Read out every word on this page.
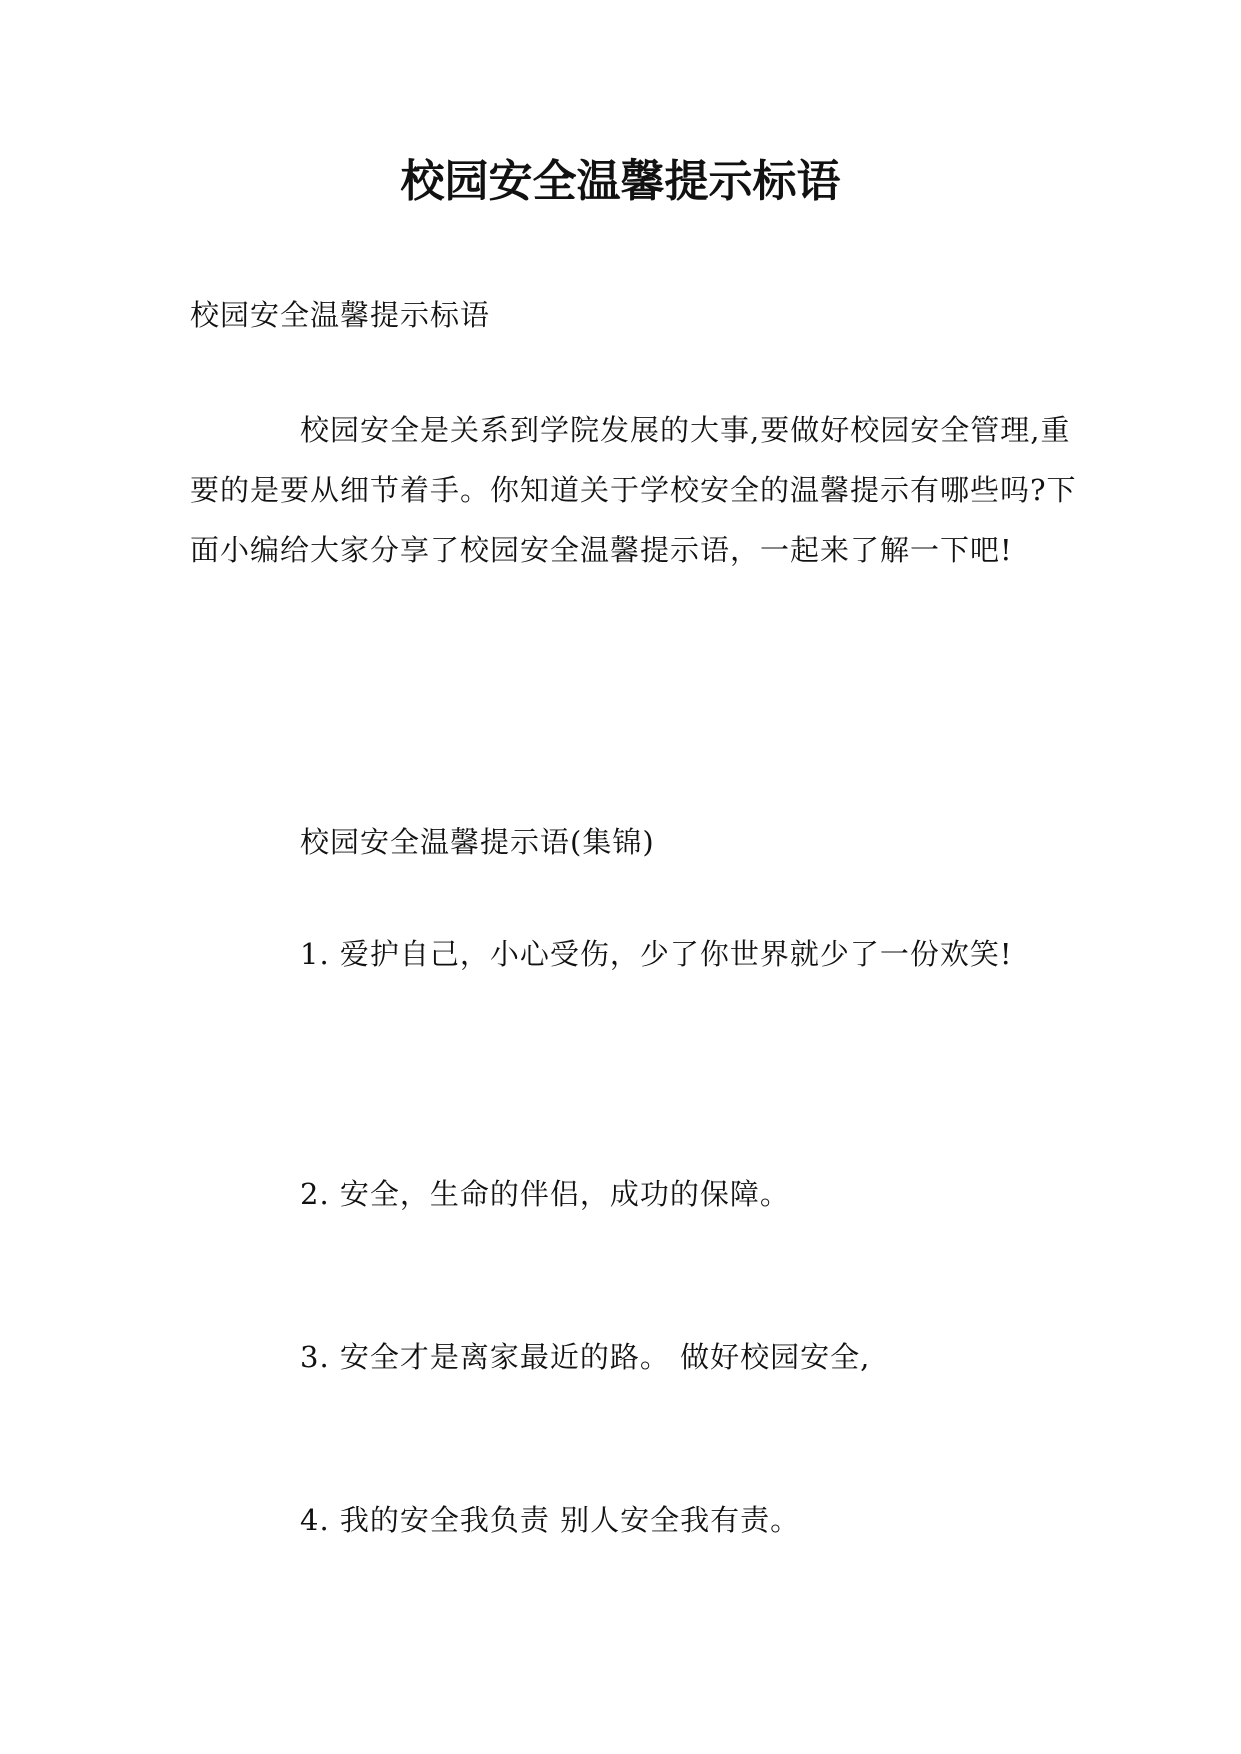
校园安全温馨提示标语

校园安全温馨提示标语

校园安全是关系到学院发展的大事,要做好校园安全管理,重要的是要从细节着手。你知道关于学校安全的温馨提示有哪些吗?下面小编给大家分享了校园安全温馨提示语，一起来了解一下吧!

校园安全温馨提示语(集锦)

1. 爱护自己，小心受伤，少了你世界就少了一份欢笑!

2. 安全，生命的伴侣，成功的保障。

3. 安全才是离家最近的路。 做好校园安全,

4. 我的安全我负责 别人安全我有责。
